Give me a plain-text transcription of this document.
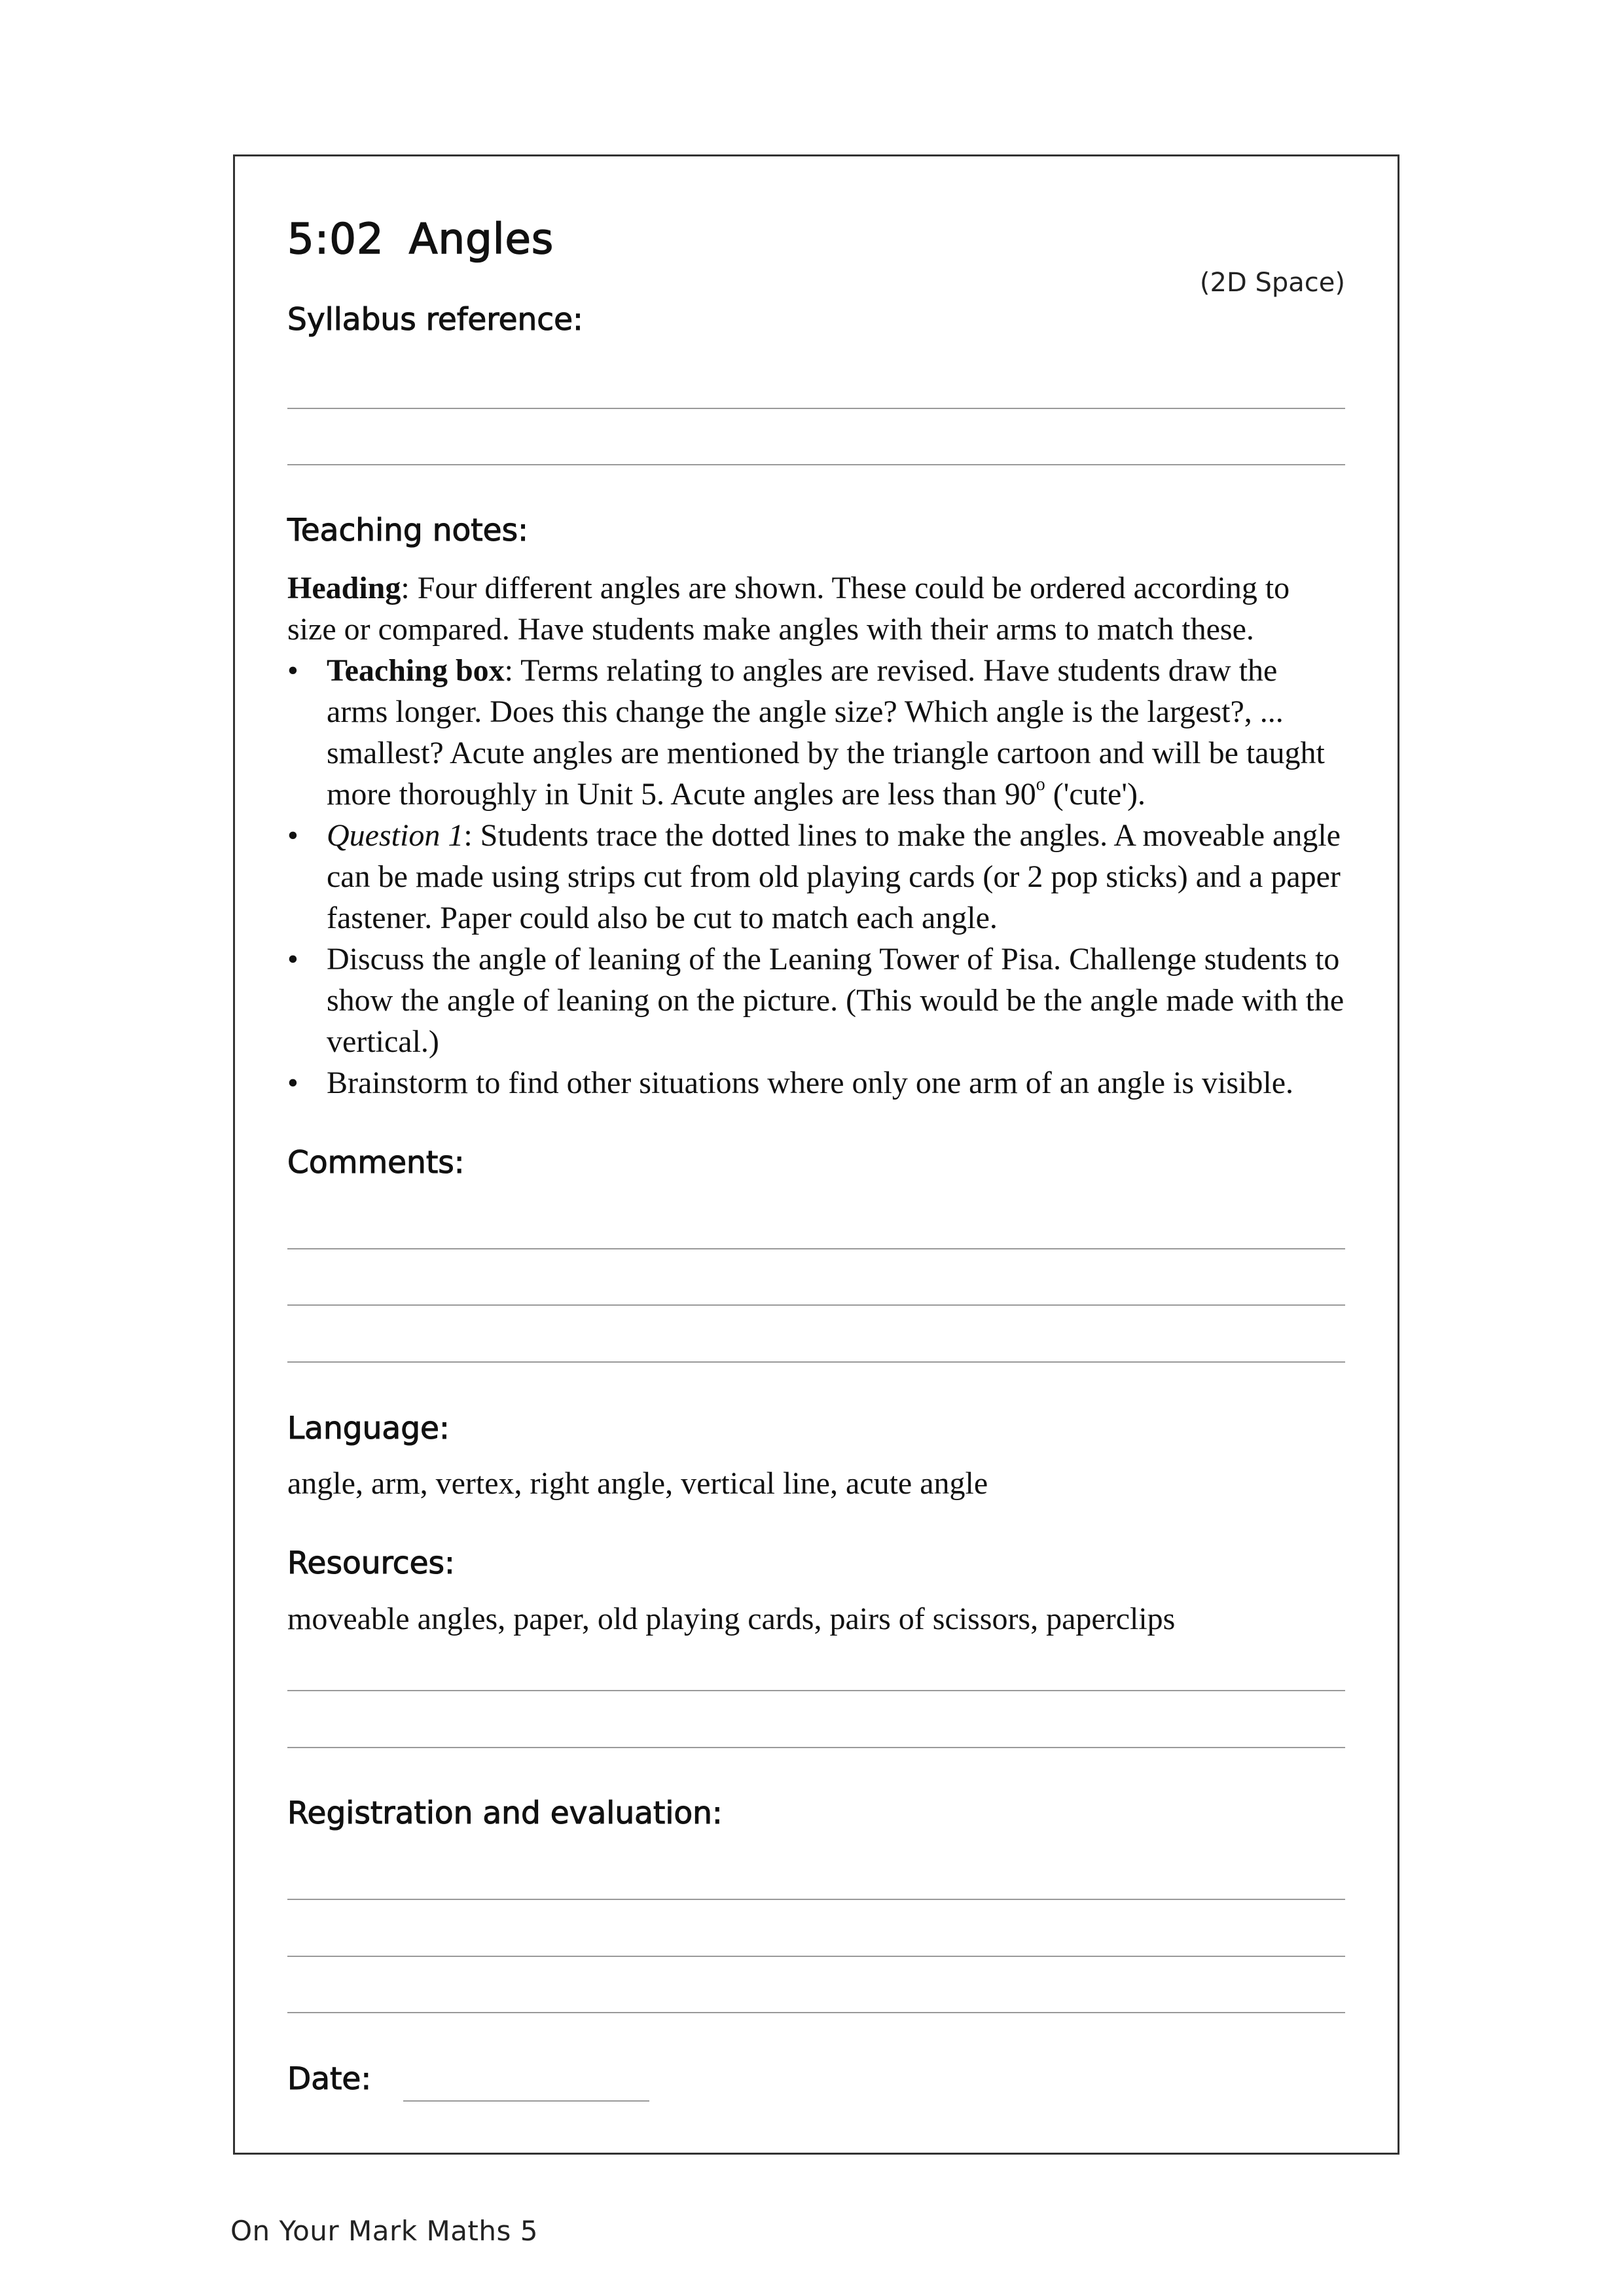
5:02 Angles
(2D Space)
Syllabus reference:
Teaching notes:

Heading: Four different angles are shown. These could be ordered according to size or compared. Have students make angles with their arms to match these.

• Teaching box: Terms relating to angles are revised. Have students draw the arms longer. Does this change the angle size? Which angle is the largest?, ... smallest? Acute angles are mentioned by the triangle cartoon and will be taught more thoroughly in Unit 5. Acute angles are less than 90$^o$ ('cute').
• Question 1: Students trace the dotted lines to make the angles. A moveable angle can be made using strips cut from old playing cards (or 2 pop sticks) and a paper fastener. Paper could also be cut to match each angle.
• Discuss the angle of leaning of the Leaning Tower of Pisa. Challenge students to show the angle of leaning on the picture. (This would be the angle made with the vertical.)
• Brainstorm to find other situations where only one arm of an angle is visible.
Comments:
Language:
angle, arm, vertex, right angle, vertical line, acute angle
Resources:
moveable angles, paper, old playing cards, pairs of scissors, paperclips
Registration and evaluation:
Date:
On Your Mark Maths 5
